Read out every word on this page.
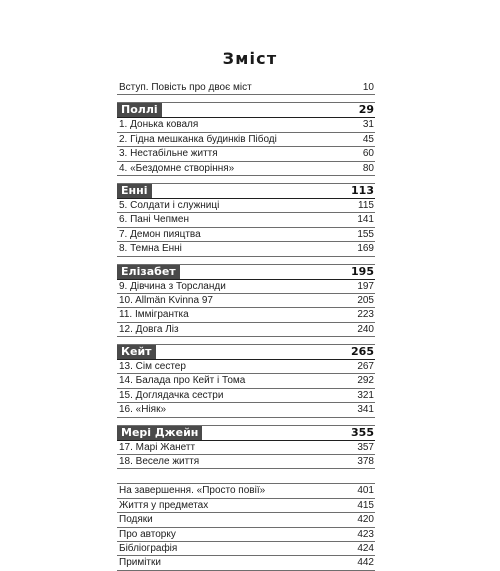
Зміст
Вступ. Повість про двоє міст	10
Поллі	29
1. Донька коваля	31
2. Гідна мешканка будинків Пібоді	45
3. Нестабільне життя	60
4. «Бездомне створіння»	80
Енні	113
5. Солдати і служниці	115
6. Пані Чепмен	141
7. Демон пияцтва	155
8. Темна Енні	169
Елізабет	195
9. Дівчина з Торсланди	197
10. Allmän Kvinna 97	205
11. Іммігрантка	223
12. Довга Ліз	240
Кейт	265
13. Сім сестер	267
14. Балада про Кейт і Тома	292
15. Доглядачка сестри	321
16. «Ніяк»	341
Мері Джейн	355
17. Марі Жанетт	357
18. Веселе життя	378
На завершення. «Просто повії»	401
Життя у предметах	415
Подяки	420
Про авторку	423
Бібліографія	424
Примітки	442
